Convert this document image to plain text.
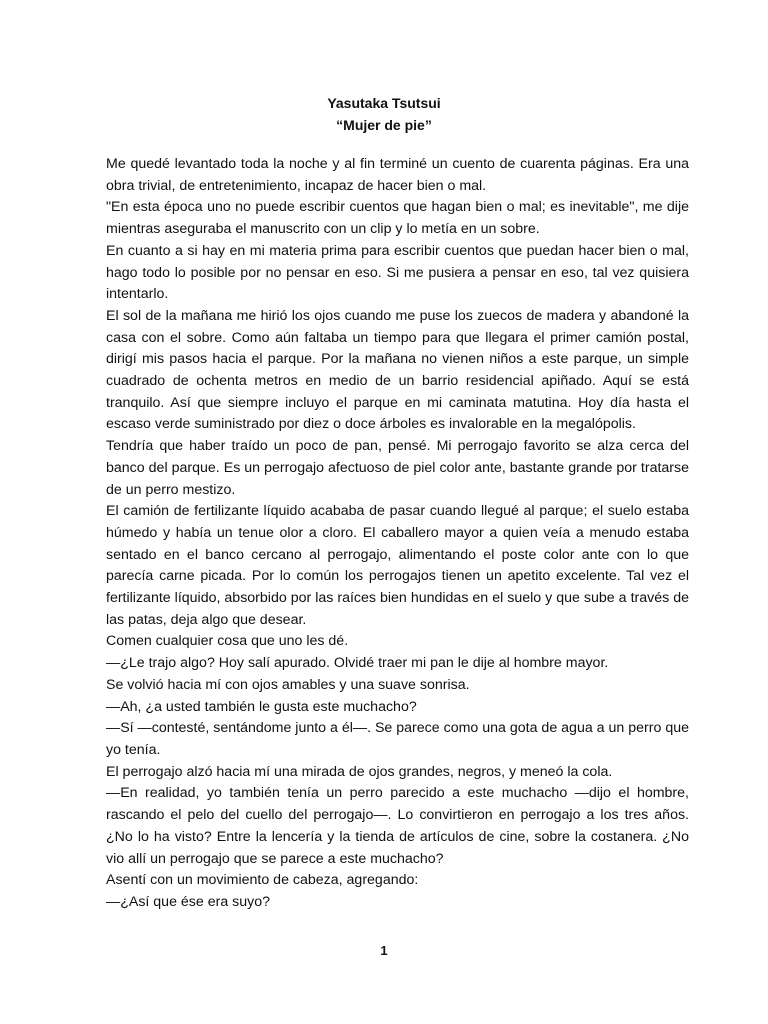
Yasutaka Tsutsui
“Mujer de pie”

Me quedé levantado toda la noche y al fin terminé un cuento de cuarenta páginas. Era una obra trivial, de entretenimiento, incapaz de hacer bien o mal.

"En esta época uno no puede escribir cuentos que hagan bien o mal; es inevitable", me dije mientras aseguraba el manuscrito con un clip y lo metía en un sobre.

En cuanto a si hay en mi materia prima para escribir cuentos que puedan hacer bien o mal, hago todo lo posible por no pensar en eso. Si me pusiera a pensar en eso, tal vez quisiera intentarlo.

El sol de la mañana me hirió los ojos cuando me puse los zuecos de madera y abandoné la casa con el sobre. Como aún faltaba un tiempo para que llegara el primer camión postal, dirigí mis pasos hacia el parque. Por la mañana no vienen niños a este parque, un simple cuadrado de ochenta metros en medio de un barrio residencial apiñado. Aquí se está tranquilo. Así que siempre incluyo el parque en mi caminata matutina. Hoy día hasta el escaso verde suministrado por diez o doce árboles es invalorable en la megalópolis.

Tendría que haber traído un poco de pan, pensé. Mi perrogajo favorito se alza cerca del banco del parque. Es un perrogajo afectuoso de piel color ante, bastante grande por tratarse de un perro mestizo.

El camión de fertilizante líquido acababa de pasar cuando llegué al parque; el suelo estaba húmedo y había un tenue olor a cloro. El caballero mayor a quien veía a menudo estaba sentado en el banco cercano al perrogajo, alimentando el poste color ante con lo que parecía carne picada. Por lo común los perrogajos tienen un apetito excelente. Tal vez el fertilizante líquido, absorbido por las raíces bien hundidas en el suelo y que sube a través de las patas, deja algo que desear.

Comen cualquier cosa que uno les dé.

—¿Le trajo algo? Hoy salí apurado. Olvidé traer mi pan le dije al hombre mayor.

Se volvió hacia mí con ojos amables y una suave sonrisa.

—Ah, ¿a usted también le gusta este muchacho?

—Sí —contesté, sentándome junto a él—. Se parece como una gota de agua a un perro que yo tenía.

El perrogajo alzó hacia mí una mirada de ojos grandes, negros, y meneó la cola.

—En realidad, yo también tenía un perro parecido a este muchacho —dijo el hombre, rascando el pelo del cuello del perrogajo—. Lo convirtieron en perrogajo a los tres años. ¿No lo ha visto? Entre la lencería y la tienda de artículos de cine, sobre la costanera. ¿No vio allí un perrogajo que se parece a este muchacho?

Asentí con un movimiento de cabeza, agregando:

—¿Así que ése era suyo?

1
